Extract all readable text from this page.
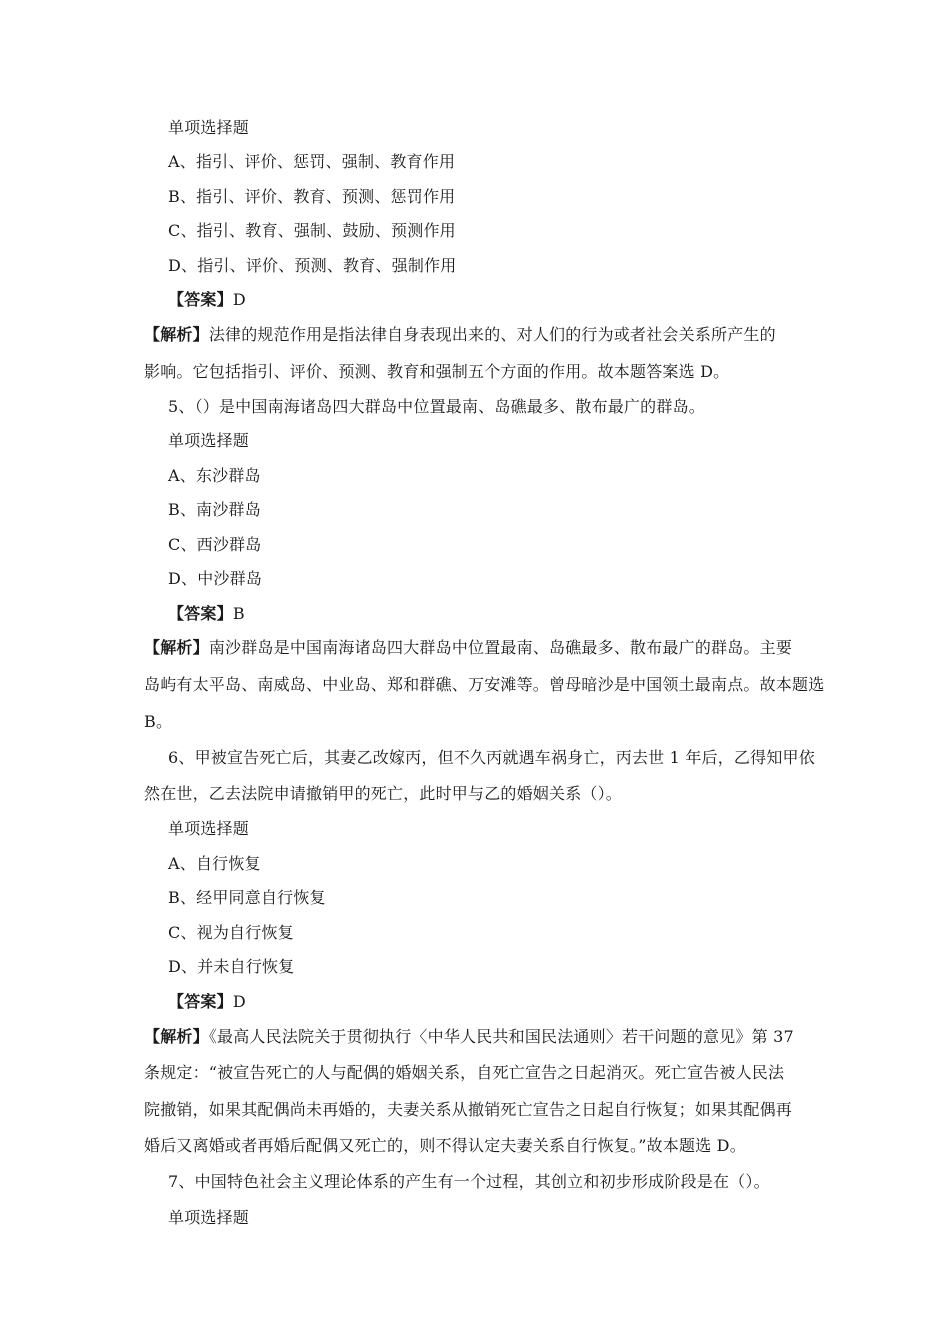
单项选择题
A、指引、评价、惩罚、强制、教育作用
B、指引、评价、教育、预测、惩罚作用
C、指引、教育、强制、鼓励、预测作用
D、指引、评价、预测、教育、强制作用
【答案】D
【解析】法律的规范作用是指法律自身表现出来的、对人们的行为或者社会关系所产生的
影响。它包括指引、评价、预测、教育和强制五个方面的作用。故本题答案选 D。
5、（）是中国南海诸岛四大群岛中位置最南、岛礁最多、散布最广的群岛。
单项选择题
A、东沙群岛
B、南沙群岛
C、西沙群岛
D、中沙群岛
【答案】B
【解析】南沙群岛是中国南海诸岛四大群岛中位置最南、岛礁最多、散布最广的群岛。主要
岛屿有太平岛、南威岛、中业岛、郑和群礁、万安滩等。曾母暗沙是中国领土最南点。故本题选
B。
6、甲被宣告死亡后，其妻乙改嫁丙，但不久丙就遇车祸身亡，丙去世 1 年后，乙得知甲依
然在世，乙去法院申请撤销甲的死亡，此时甲与乙的婚姻关系（）。
单项选择题
A、自行恢复
B、经甲同意自行恢复
C、视为自行恢复
D、并未自行恢复
【答案】D
【解析】《最高人民法院关于贯彻执行〈中华人民共和国民法通则〉若干问题的意见》第 37
条规定：“被宣告死亡的人与配偶的婚姻关系，自死亡宣告之日起消灭。死亡宣告被人民法
院撤销，如果其配偶尚未再婚的，夫妻关系从撤销死亡宣告之日起自行恢复；如果其配偶再
婚后又离婚或者再婚后配偶又死亡的，则不得认定夫妻关系自行恢复。”故本题选 D。
7、中国特色社会主义理论体系的产生有一个过程，其创立和初步形成阶段是在（）。
单项选择题
